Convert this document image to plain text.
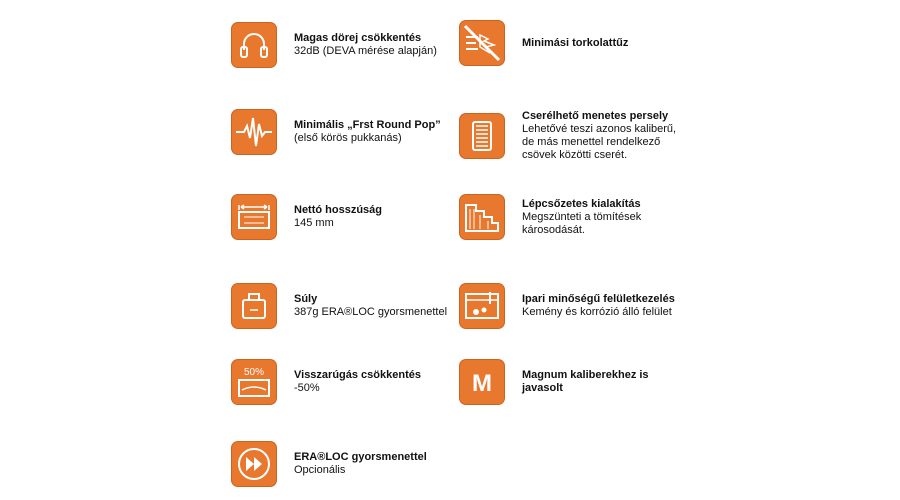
Magas dörej csökkentés
32dB (DEVA mérése alapján)
Minimási torkolattűz
Minimális „Frst Round Pop”
(első körös pukkanás)
Cserélhető menetes persely
Lehetővé teszi azonos kaliberű,
de más menettel rendelkező
csövek közötti cserét.
Nettó hosszúság
145 mm
Lépcsőzetes kialakítás
Megszünteti a tömítések
károsodását.
Súly
387g ERA®LOC gyorsmenettel
Ipari minőségű felületkezelés
Kemény és korrózió álló felület
50%	Visszarúgás csökkentés
-50%	M	Magnum kaliberekhez is
javasolt
ERA®LOC gyorsmenettel
Opcionális
